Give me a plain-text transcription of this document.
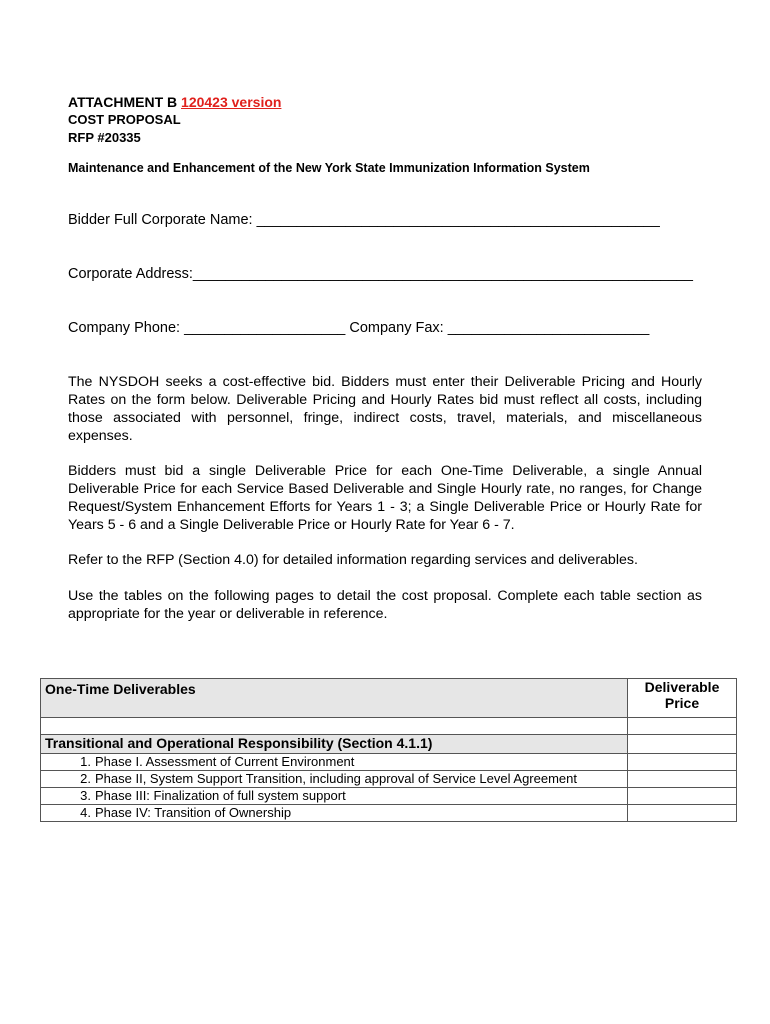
ATTACHMENT B 120423 version
COST PROPOSAL
RFP #20335
Maintenance and Enhancement of the New York State Immunization Information System
Bidder Full Corporate Name: __________________________________________________
Corporate Address:______________________________________________________________
Company Phone: ____________________ Company Fax: _________________________
The NYSDOH seeks a cost-effective bid. Bidders must enter their Deliverable Pricing and Hourly Rates on the form below. Deliverable Pricing and Hourly Rates bid must reflect all costs, including those associated with personnel, fringe, indirect costs, travel, materials, and miscellaneous expenses.
Bidders must bid a single Deliverable Price for each One-Time Deliverable, a single Annual Deliverable Price for each Service Based Deliverable and Single Hourly rate, no ranges, for Change Request/System Enhancement Efforts for Years 1 - 3; a Single Deliverable Price or Hourly Rate for Years 5 - 6 and a Single Deliverable Price or Hourly Rate for Year 6 - 7.
Refer to the RFP (Section 4.0) for detailed information regarding services and deliverables.
Use the tables on the following pages to detail the cost proposal. Complete each table section as appropriate for the year or deliverable in reference.
One-Time Deliverables	Deliverable Price

Transitional and Operational Responsibility (Section 4.1.1)	

1. Phase I. Assessment of Current Environment	

2. Phase II, System Support Transition, including approval of Service Level Agreement	

3. Phase III: Finalization of full system support	

4. Phase IV: Transition of Ownership	
